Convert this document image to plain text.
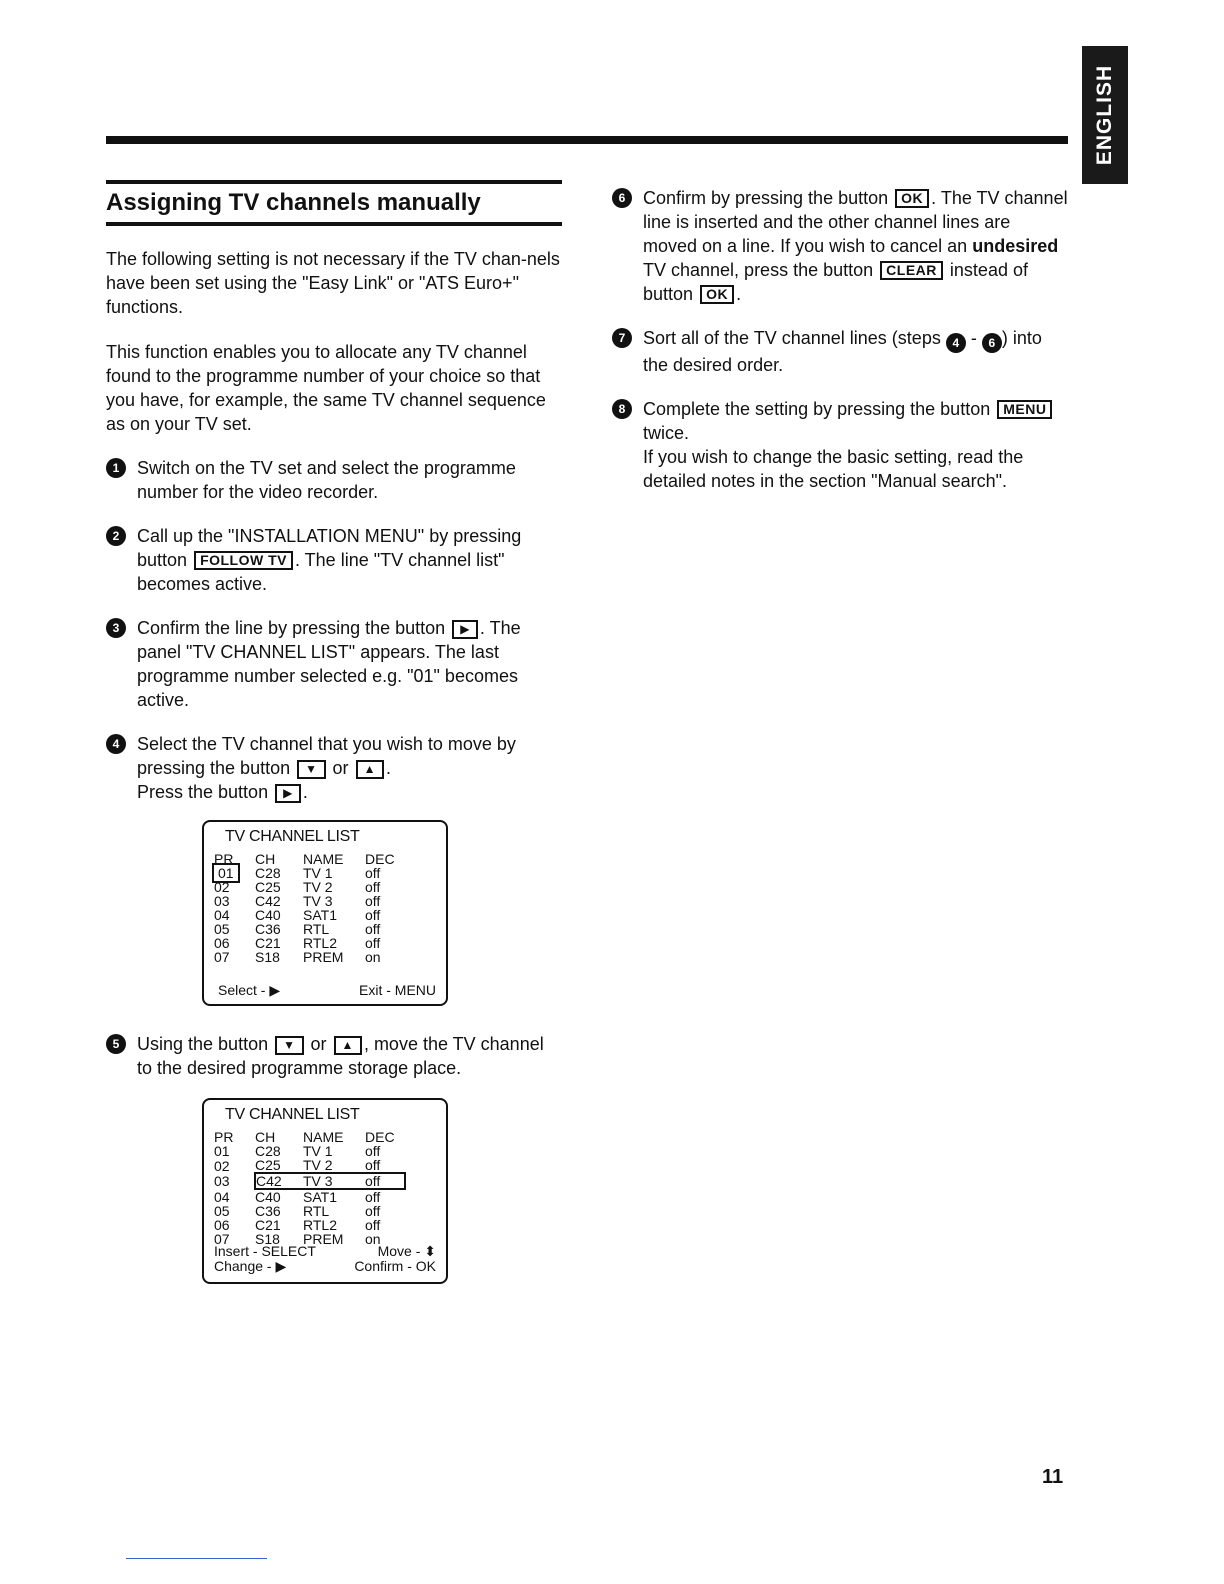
ENGLISH
Assigning TV channels manually

The following setting is not necessary if the TV chan-nels have been set using the "Easy Link" or "ATS Euro+" functions.

This function enables you to allocate any TV channel found to the programme number of your choice so that you have, for example, the same TV channel sequence as on your TV set.

1 Switch on the TV set and select the programme number for the video recorder.
2 Call up the "INSTALLATION MENU" by pressing button FOLLOW TV . The line "TV channel list" becomes active.
3 Confirm the line by pressing the button ▶ . The panel "TV CHANNEL LIST" appears. The last programme number selected e.g. "01" becomes active.
4 Select the TV channel that you wish to move by pressing the button ▼ or ▲ .
Press the button ▶ .
TV CHANNEL LIST
PR	CH	NAME	DEC
01	C28	TV 1	off
02	C25	TV 2	off
03	C42	TV 3	off
04	C40	SAT1	off
05	C36	RTL	off
06	C21	RTL2	off
07	S18	PREM	on
Select - ▶	Exit - MENU
5 Using the button ▼ or ▲ , move the TV channel to the desired programme storage place.
TV CHANNEL LIST
PR	CH	NAME	DEC
01	C28	TV 1	off
02	C25	TV 2	off
03	C42	TV 3	off
04	C40	SAT1	off
05	C36	RTL	off
06	C21	RTL2	off
07	S18	PREM	on
Insert - SELECT	Move - ⬍
Change - ▶	Confirm - OK
6 Confirm by pressing the button OK . The TV channel line is inserted and the other channel lines are moved on a line. If you wish to cancel an undesired TV channel, press the button CLEAR instead of button OK .
7 Sort all of the TV channel lines (steps 4 - 6 ) into the desired order.
8 Complete the setting by pressing the button MENU twice.
If you wish to change the basic setting, read the detailed notes in the section "Manual search".
11
